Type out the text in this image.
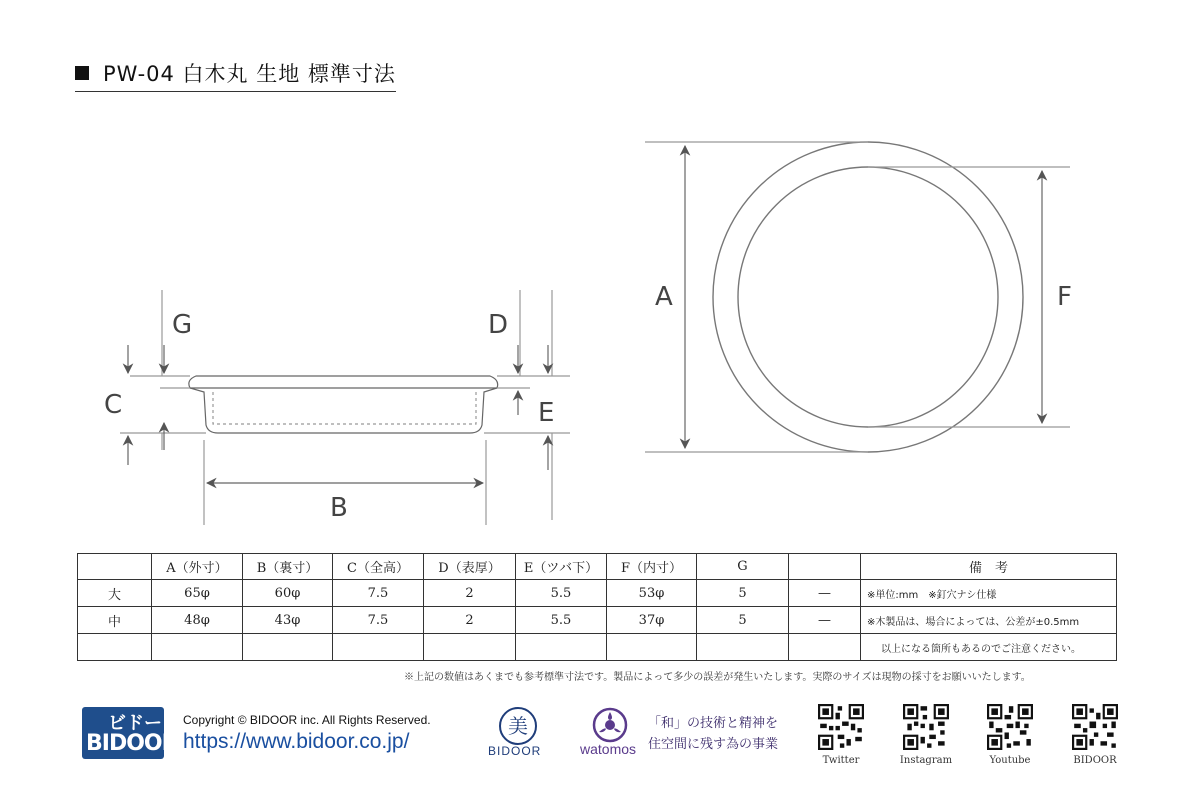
PW-04 白木丸 生地 標準寸法
G
C
D
E
B
A	F
	A（外寸）	B（裏寸）	C（全高）	D（表厚）	E（ツバ下）	F（内寸）	G		備　考
大	65φ	60φ	7.5	2	5.5	53φ	5	—	※単位:mm　※釘穴ナシ仕様
中	48φ	43φ	7.5	2	5.5	37φ	5	—	※木製品は、場合によっては、公差が±0.5mm
									以上になる箇所もあるのでご注意ください。
※上記の数値はあくまでも参考標準寸法です。製品によって多少の誤差が発生いたします。実際のサイズは現物の採寸をお願いいたします。
ビドー
BIDOOR
Copyright © BIDOOR inc. All Rights Reserved.
https://www.bidoor.co.jp/
美
BIDOOR	watomos
「和」の技術と精神を
住空間に残す為の事業
Twitter	Instagram	Youtube	BIDOOR
